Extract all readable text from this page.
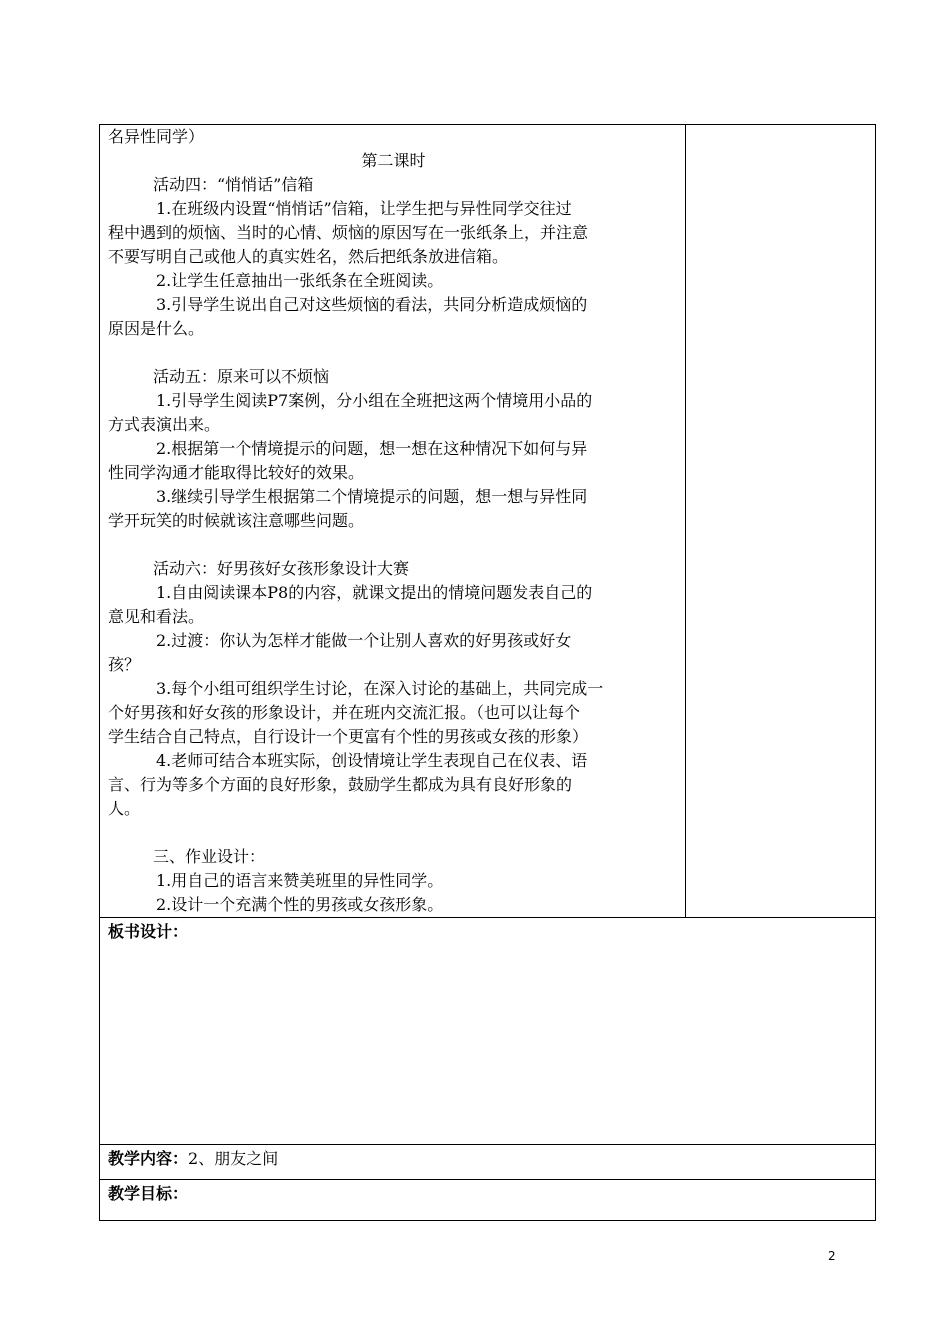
名异性同学）

第二课时

活动四：“悄悄话”信箱

1.在班级内设置“悄悄话”信箱，让学生把与异性同学交往过

程中遇到的烦恼、当时的心情、烦恼的原因写在一张纸条上，并注意

不要写明自己或他人的真实姓名，然后把纸条放进信箱。

2.让学生任意抽出一张纸条在全班阅读。

3.引导学生说出自己对这些烦恼的看法，共同分析造成烦恼的

原因是什么。

活动五：原来可以不烦恼

1.引导学生阅读P7案例，分小组在全班把这两个情境用小品的

方式表演出来。

2.根据第一个情境提示的问题，想一想在这种情况下如何与异

性同学沟通才能取得比较好的效果。

3.继续引导学生根据第二个情境提示的问题，想一想与异性同

学开玩笑的时候就该注意哪些问题。

活动六：好男孩好女孩形象设计大赛

1.自由阅读课本P8的内容，就课文提出的情境问题发表自己的

意见和看法。

2.过渡：你认为怎样才能做一个让别人喜欢的好男孩或好女

孩？

3.每个小组可组织学生讨论，在深入讨论的基础上，共同完成一

个好男孩和好女孩的形象设计，并在班内交流汇报。（也可以让每个

学生结合自己特点，自行设计一个更富有个性的男孩或女孩的形象）

4.老师可结合本班实际，创设情境让学生表现自己在仪表、语

言、行为等多个方面的良好形象，鼓励学生都成为具有良好形象的

人。

三、作业设计：

1.用自己的语言来赞美班里的异性同学。

2.设计一个充满个性的男孩或女孩形象。

板书设计：
教学内容：2、朋友之间
教学目标：
2
